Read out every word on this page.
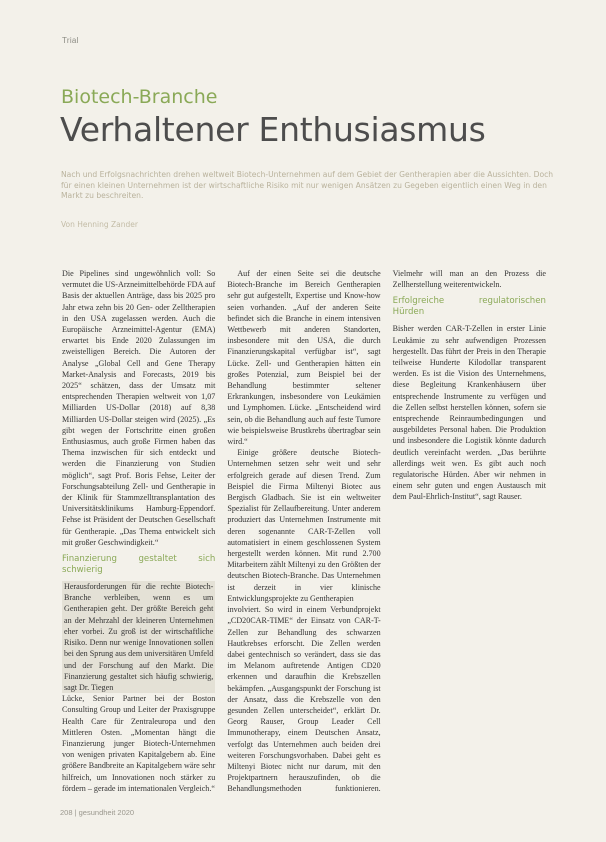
Trial
Biotech-Branche
Verhaltener Enthusiasmus

Nach und Erfolgsnachrichten drehen weltweit Biotech-Unternehmen auf dem Gebiet der Gentherapien aber die Aussichten. Doch für einen kleinen Unternehmen ist der wirtschaftliche Risiko mit nur wenigen Ansätzen zu Gegeben eigentlich einen Weg in den Markt zu beschreiten.

Von Henning Zander

Die Pipelines sind ungewöhnlich voll: So vermutet die US-Arzneimittelbehörde FDA auf Basis der aktuellen Anträge, dass bis 2025 pro Jahr etwa zehn bis 20 Gen- oder Zelltherapien in den USA zugelassen werden. Auch die Europäische Arzneimittel-Agentur (EMA) erwartet bis Ende 2020 Zulassungen im zweistelligen Bereich. Die Autoren der Analyse „Global Cell and Gene Therapy Market-Analysis and Forecasts, 2019 bis 2025“ schätzen, dass der Umsatz mit entsprechenden Therapien weltweit von 1,07 Milliarden US-Dollar (2018) auf 8,38 Milliarden US-Dollar steigen wird (2025). „Es gibt wegen der Fortschritte einen großen Enthusiasmus, auch große Firmen haben das Thema inzwischen für sich entdeckt und werden die Finanzierung von Studien möglich“, sagt Prof. Boris Fehse, Leiter der Forschungsabteilung Zell- und Gentherapie in der Klinik für Stammzelltransplantation des Universitätsklinikums Hamburg-Eppendorf. Fehse ist Präsident der Deutschen Gesellschaft für Gentherapie. „Das Thema entwickelt sich mit großer Geschwindigkeit.“

Finanzierung gestaltet sich schwierig

Herausforderungen für die rechte Biotech-Branche verbleiben, wenn es um Gentherapien geht. Der größte Bereich geht an der Mehrzahl der kleineren Unternehmen eher vorbei. Zu groß ist der wirtschaftliche Risiko. Denn nur wenige Innovationen sollen bei den Sprung aus dem universitären Umfeld und der Forschung auf den Markt. Die Finanzierung gestaltet sich häufig schwierig, sagt Dr. Tiegen

Lücke, Senior Partner bei der Boston Consulting Group und Leiter der Praxisgruppe Health Care für Zentraleuropa und den Mittleren Osten. „Momentan hängt die Finanzierung junger Biotech-Unternehmen von wenigen privaten Kapitalgebern ab. Eine größere Bandbreite an Kapitalgebern wäre sehr hilfreich, um Innovationen noch stärker zu fördern – gerade im internationalen Vergleich.“

Auf der einen Seite sei die deutsche Biotech-Branche im Bereich Gentherapien sehr gut aufgestellt, Expertise und Know-how seien vorhanden. „Auf der anderen Seite befindet sich die Branche in einem intensiven Wettbewerb mit anderen Standorten, insbesondere mit den USA, die durch Finanzierungskapital verfügbar ist“, sagt Lücke. Zell- und Gentherapien hätten ein großes Potenzial, zum Beispiel bei der Behandlung bestimmter seltener Erkrankungen, insbesondere von Leukämien und Lymphomen. Lücke. „Entscheidend wird sein, ob die Behandlung auch auf feste Tumore wie beispielsweise Brustkrebs übertragbar sein wird.“

Einige größere deutsche Biotech-Unternehmen setzen sehr weit und sehr erfolgreich gerade auf diesen Trend. Zum Beispiel die Firma Miltenyi Biotec aus Bergisch Gladbach. Sie ist ein weltweiter Spezialist für Zellaufbereitung. Unter anderem produziert das Unternehmen Instrumente mit deren sogenannte CAR-T-Zellen voll automatisiert in einem geschlossenen System hergestellt werden können. Mit rund 2.700 Mitarbeitern zählt Miltenyi zu den Größten der deutschen Biotech-Branche. Das Unternehmen ist derzeit in vier klinische Entwicklungsprojekte zu Gentherapien

involviert. So wird in einem Verbundprojekt „CD20CAR-TIME“ der Einsatz von CAR-T-Zellen zur Behandlung des schwarzen Hautkrebses erforscht. Die Zellen werden dabei gentechnisch so verändert, dass sie das im Melanom auftretende Antigen CD20 erkennen und daraufhin die Krebszellen bekämpfen. „Ausgangspunkt der Forschung ist der Ansatz, dass die Krebszelle von den gesunden Zellen unterscheidet“, erklärt Dr. Georg Rauser, Group Leader Cell Immunotherapy, einem Deutschen Ansatz, verfolgt das Unternehmen auch beiden drei weiteren Forschungsvorhaben. Dabei geht es Miltenyi Biotec nicht nur darum, mit den Projektpartnern herauszufinden, ob die Behandlungsmethoden funktionieren. Vielmehr will man an den Prozess die Zellherstellung weiterentwickeln.

Erfolgreiche regulatorischen Hürden

Bisher werden CAR-T-Zellen in erster Linie Leukämie zu sehr aufwendigen Prozessen hergestellt. Das führt der Preis in den Therapie teilweise Hunderte Kilodollar transparent werden. Es ist die Vision des Unternehmens, diese Begleitung Krankenhäusern über entsprechende Instrumente zu verfügen und die Zellen selbst herstellen können, sofern sie entsprechende Reinraumbedingungen und ausgebildetes Personal haben. Die Produktion und insbesondere die Logistik könnte dadurch deutlich vereinfacht werden. „Das berührte allerdings weit wen. Es gibt auch noch regulatorische Hürden. Aber wir nehmen in einem sehr guten und engen Austausch mit dem Paul-Ehrlich-Institut“, sagt Rauser.

208 | gesundheit 2020
